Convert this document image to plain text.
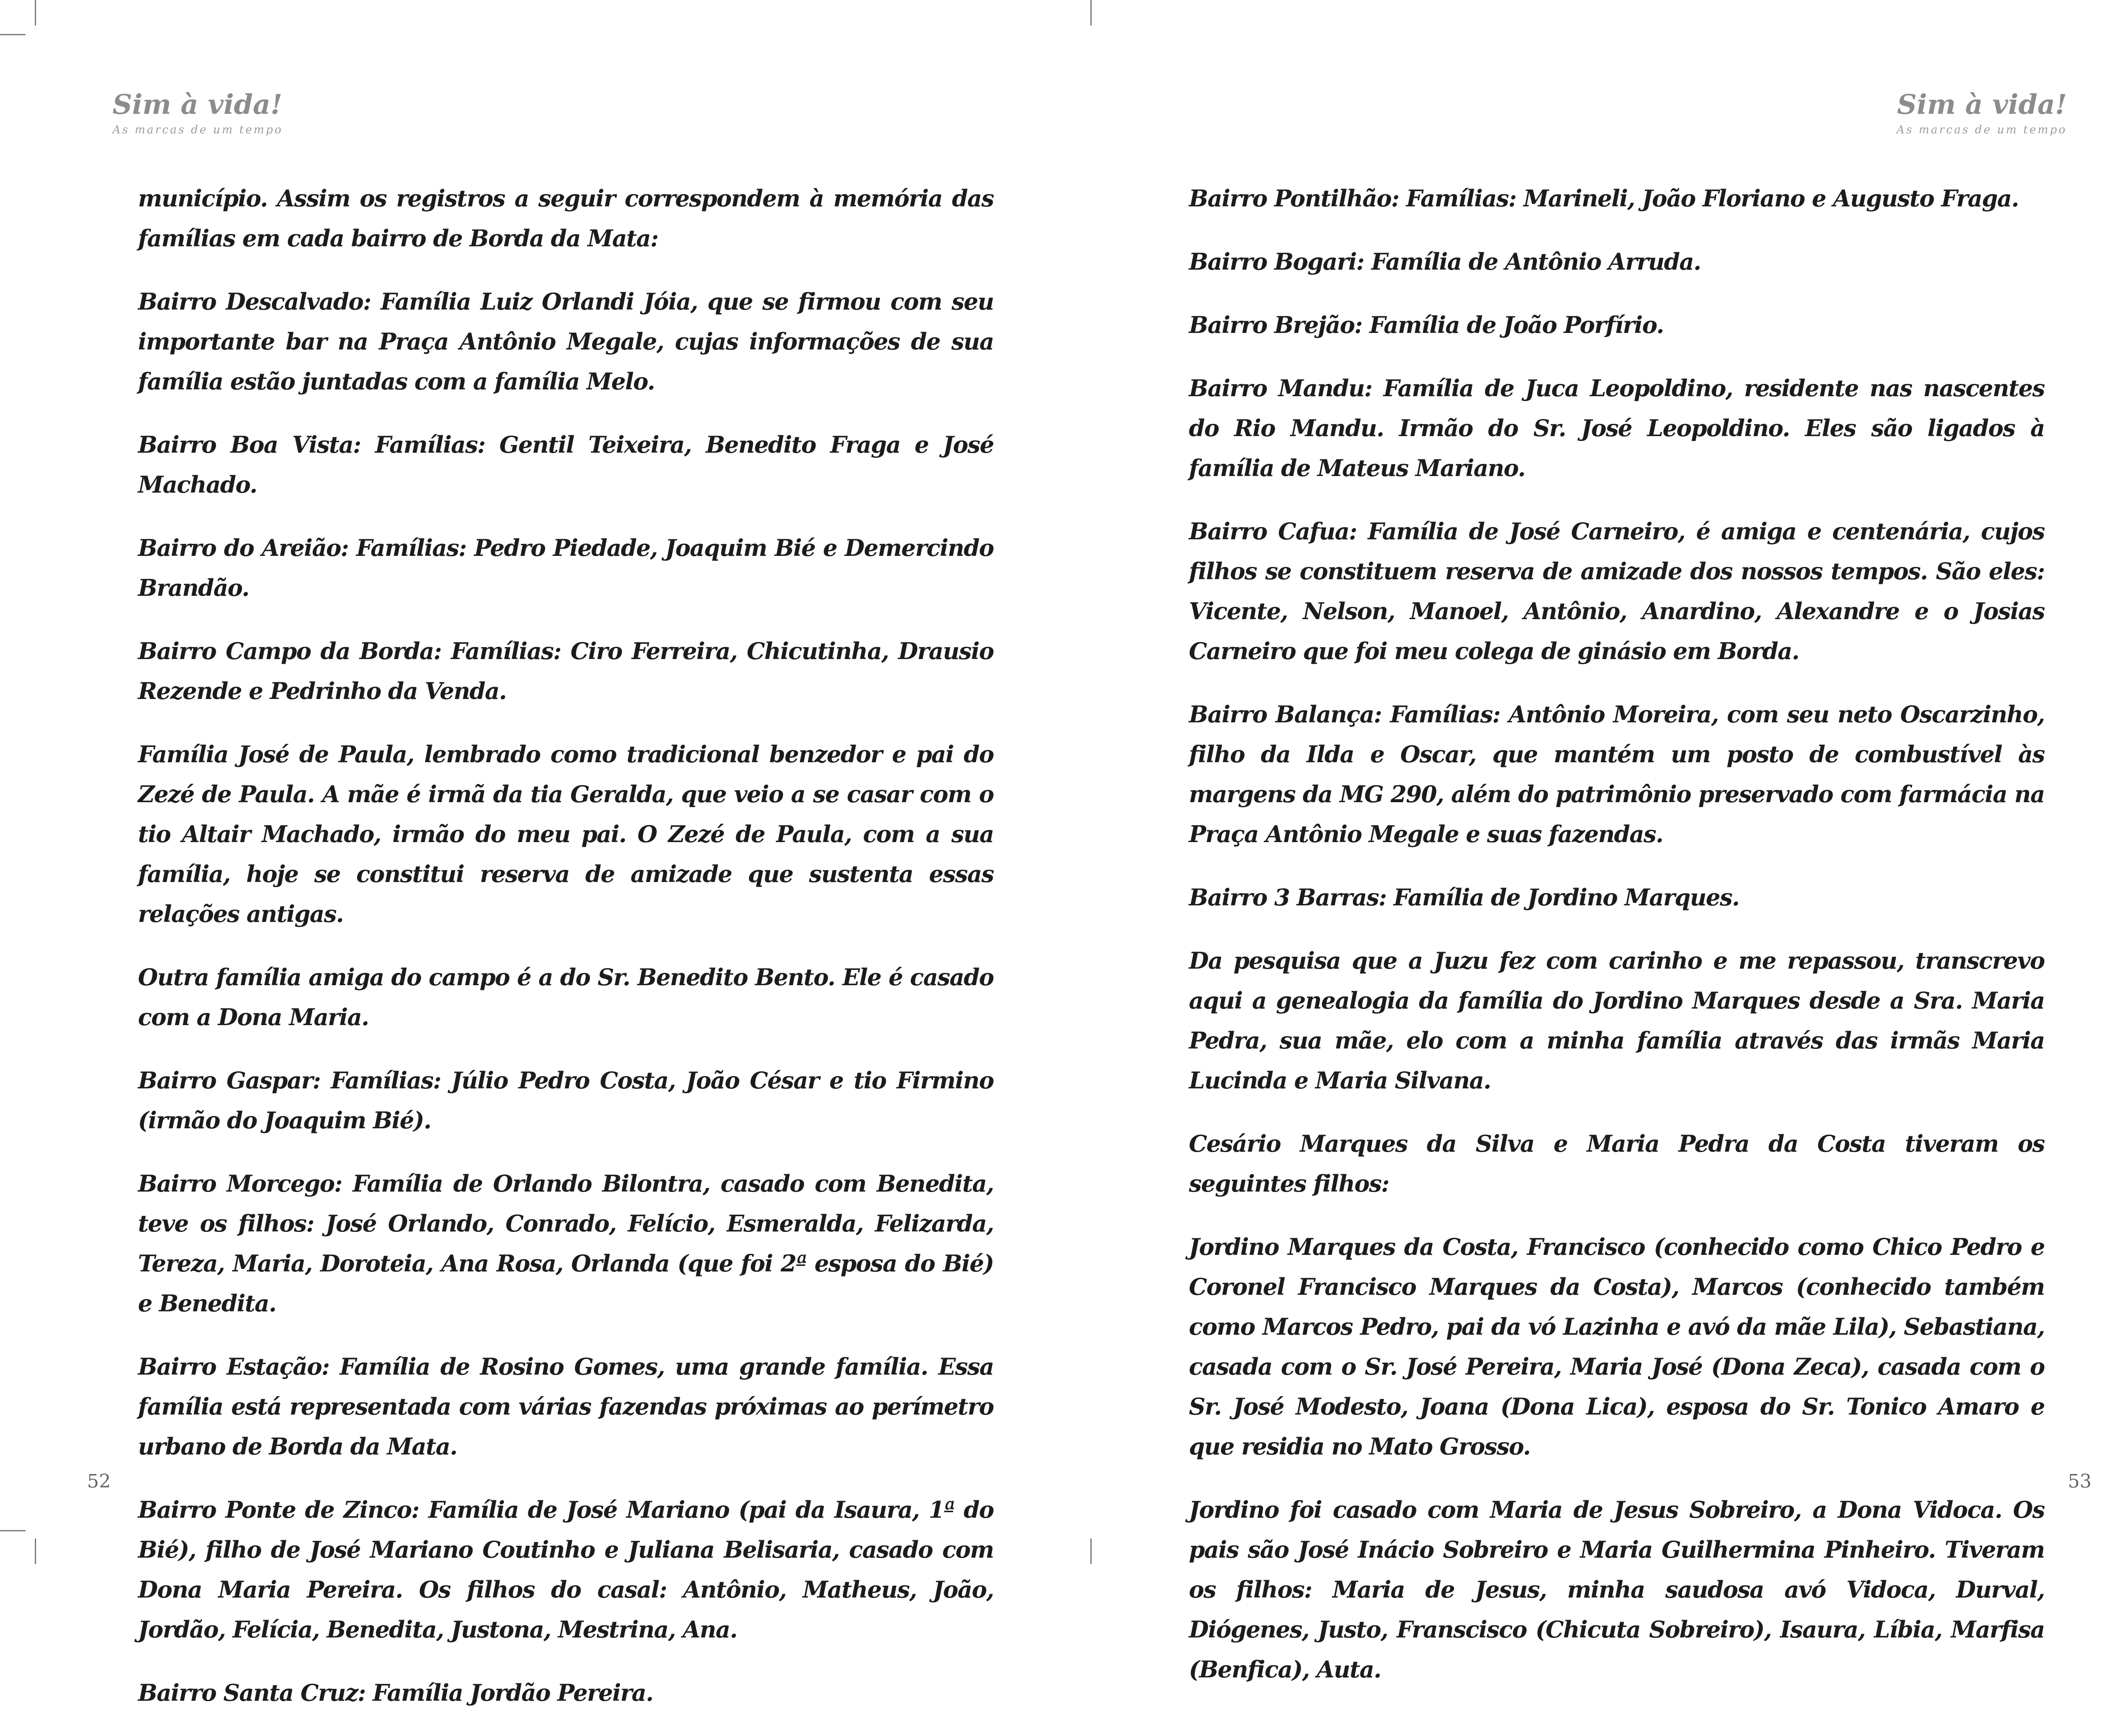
Sim à vida!
As marcas de um tempo

município. Assim os registros a seguir correspondem à memória das famílias em cada bairro de Borda da Mata:

Bairro Descalvado: Família Luiz Orlandi Jóia, que se firmou com seu importante bar na Praça Antônio Megale, cujas informações de sua família estão juntadas com a família Melo.

Bairro Boa Vista: Famílias: Gentil Teixeira, Benedito Fraga e José Machado.

Bairro do Areião: Famílias: Pedro Piedade, Joaquim Bié e Demercindo Brandão.

Bairro Campo da Borda: Famílias: Ciro Ferreira, Chicutinha, Drausio Rezende e Pedrinho da Venda.

Família José de Paula, lembrado como tradicional benzedor e pai do Zezé de Paula. A mãe é irmã da tia Geralda, que veio a se casar com o tio Altair Machado, irmão do meu pai. O Zezé de Paula, com a sua família, hoje se constitui reserva de amizade que sustenta essas relações antigas.

Outra família amiga do campo é a do Sr. Benedito Bento. Ele é casado com a Dona Maria.

Bairro Gaspar: Famílias: Júlio Pedro Costa, João César e tio Firmino (irmão do Joaquim Bié).

Bairro Morcego: Família de Orlando Bilontra, casado com Benedita, teve os filhos: José Orlando, Conrado, Felício, Esmeralda, Felizarda, Tereza, Maria, Doroteia, Ana Rosa, Orlanda (que foi 2ª esposa do Bié) e Benedita.

Bairro Estação: Família de Rosino Gomes, uma grande família. Essa família está representada com várias fazendas próximas ao perímetro urbano de Borda da Mata.

Bairro Ponte de Zinco: Família de José Mariano (pai da Isaura, 1ª do Bié), filho de José Mariano Coutinho e Juliana Belisaria, casado com Dona Maria Pereira. Os filhos do casal: Antônio, Matheus, João, Jordão, Felícia, Benedita, Justona, Mestrina, Ana.

Bairro Santa Cruz: Família Jordão Pereira.

52
Sim à vida!
As marcas de um tempo

Bairro Pontilhão: Famílias: Marineli, João Floriano e Augusto Fraga.

Bairro Bogari: Família de Antônio Arruda.

Bairro Brejão: Família de João Porfírio.

Bairro Mandu: Família de Juca Leopoldino, residente nas nascentes do Rio Mandu. Irmão do Sr. José Leopoldino. Eles são ligados à família de Mateus Mariano.

Bairro Cafua: Família de José Carneiro, é amiga e centenária, cujos filhos se constituem reserva de amizade dos nossos tempos. São eles: Vicente, Nelson, Manoel, Antônio, Anardino, Alexandre e o Josias Carneiro que foi meu colega de ginásio em Borda.

Bairro Balança: Famílias: Antônio Moreira, com seu neto Oscarzinho, filho da Ilda e Oscar, que mantém um posto de combustível às margens da MG 290, além do patrimônio preservado com farmácia na Praça Antônio Megale e suas fazendas.

Bairro 3 Barras: Família de Jordino Marques.

Da pesquisa que a Juzu fez com carinho e me repassou, transcrevo aqui a genealogia da família do Jordino Marques desde a Sra. Maria Pedra, sua mãe, elo com a minha família através das irmãs Maria Lucinda e Maria Silvana.

Cesário Marques da Silva e Maria Pedra da Costa tiveram os seguintes filhos:

Jordino Marques da Costa, Francisco (conhecido como Chico Pedro e Coronel Francisco Marques da Costa), Marcos (conhecido também como Marcos Pedro, pai da vó Lazinha e avó da mãe Lila), Sebastiana, casada com o Sr. José Pereira, Maria José (Dona Zeca), casada com o Sr. José Modesto, Joana (Dona Lica), esposa do Sr. Tonico Amaro e que residia no Mato Grosso.

Jordino foi casado com Maria de Jesus Sobreiro, a Dona Vidoca. Os pais são José Inácio Sobreiro e Maria Guilhermina Pinheiro. Tiveram os filhos: Maria de Jesus, minha saudosa avó Vidoca, Durval, Diógenes, Justo, Franscisco (Chicuta Sobreiro), Isaura, Líbia, Marfisa (Benfica), Auta.

53
